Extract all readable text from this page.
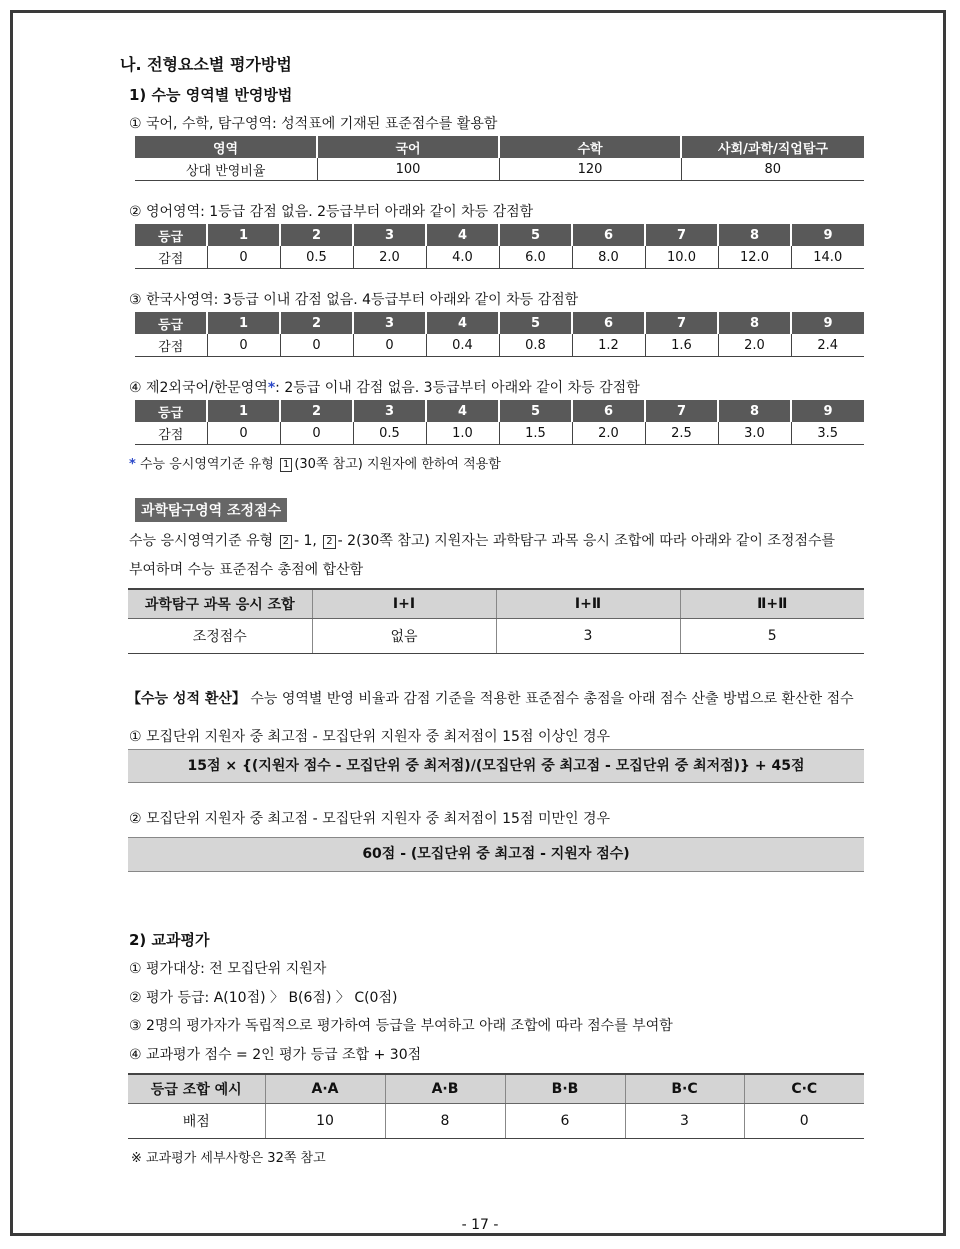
나. 전형요소별 평가방법
1) 수능 영역별 반영방법
① 국어, 수학, 탐구영역: 성적표에 기재된 표준점수를 활용함
영역	국어	수학	사회/과학/직업탐구
상대 반영비율	100	120	80
② 영어영역: 1등급 감점 없음. 2등급부터 아래와 같이 차등 감점함
등급	1	2	3	4	5	6	7	8	9
감점	0	0.5	2.0	4.0	6.0	8.0	10.0	12.0	14.0
③ 한국사영역: 3등급 이내 감점 없음. 4등급부터 아래와 같이 차등 감점함
등급	1	2	3	4	5	6	7	8	9
감점	0	0	0	0.4	0.8	1.2	1.6	2.0	2.4
④ 제2외국어/한문영역*: 2등급 이내 감점 없음. 3등급부터 아래와 같이 차등 감점함
등급	1	2	3	4	5	6	7	8	9
감점	0	0	0.5	1.0	1.5	2.0	2.5	3.0	3.5
* 수능 응시영역기준 유형 1 (30쪽 참고) 지원자에 한하여 적용함
과학탐구영역 조정점수
수능 응시영역기준 유형 2 - 1, 2 - 2(30쪽 참고) 지원자는 과학탐구 과목 응시 조합에 따라 아래와 같이 조정점수를
부여하며 수능 표준점수 총점에 합산함
과학탐구 과목 응시 조합	Ⅰ+Ⅰ	Ⅰ+Ⅱ	Ⅱ+Ⅱ
조정점수	없음	3	5
【수능 성적 환산】 수능 영역별 반영 비율과 감점 기준을 적용한 표준점수 총점을 아래 점수 산출 방법으로 환산한 점수
① 모집단위 지원자 중 최고점 - 모집단위 지원자 중 최저점이 15점 이상인 경우
15점 × {(지원자 점수 - 모집단위 중 최저점)/(모집단위 중 최고점 - 모집단위 중 최저점)} + 45점
② 모집단위 지원자 중 최고점 - 모집단위 지원자 중 최저점이 15점 미만인 경우
60점 - (모집단위 중 최고점 - 지원자 점수)
2) 교과평가
① 평가대상: 전 모집단위 지원자
② 평가 등급: A(10점) 〉 B(6점) 〉 C(0점)
③ 2명의 평가자가 독립적으로 평가하여 등급을 부여하고 아래 조합에 따라 점수를 부여함
④ 교과평가 점수 = 2인 평가 등급 조합 + 30점
등급 조합 예시	A·A	A·B	B·B	B·C	C·C
배점	10	8	6	3	0
※ 교과평가 세부사항은 32쪽 참고
- 17 -
